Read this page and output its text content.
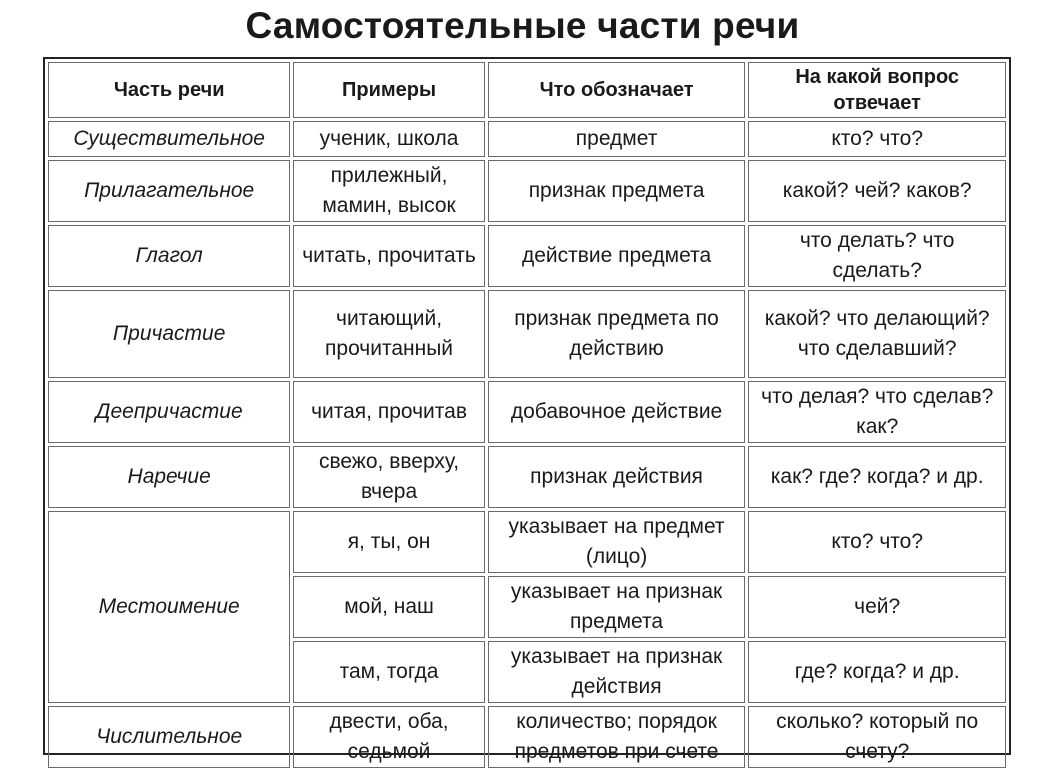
Самостоятельные части речи
Часть речи	Примеры	Что обозначает	На какой вопрос отвечает
Существительное	ученик, школа	предмет	кто? что?
Прилагательное	прилежный, мамин, высок	признак предмета	какой? чей? каков?
Глагол	читать, прочитать	действие предмета	что делать? что сделать?
Причастие	читающий, прочитанный	признак предмета по действию	какой? что делающий? что сделавший?
Деепричастие	читая, прочитав	добавочное действие	что делая? что сделав? как?
Наречие	свежо, вверху, вчера	признак действия	как? где? когда? и др.
Местоимение	я, ты, он	указывает на предмет (лицо)	кто? что?
	мой, наш	указывает на признак предмета	чей?
	там, тогда	указывает на признак действия	где? когда? и др.
Числительное	двести, оба, седьмой	количество; порядок предметов при счете	сколько? который по счету?
